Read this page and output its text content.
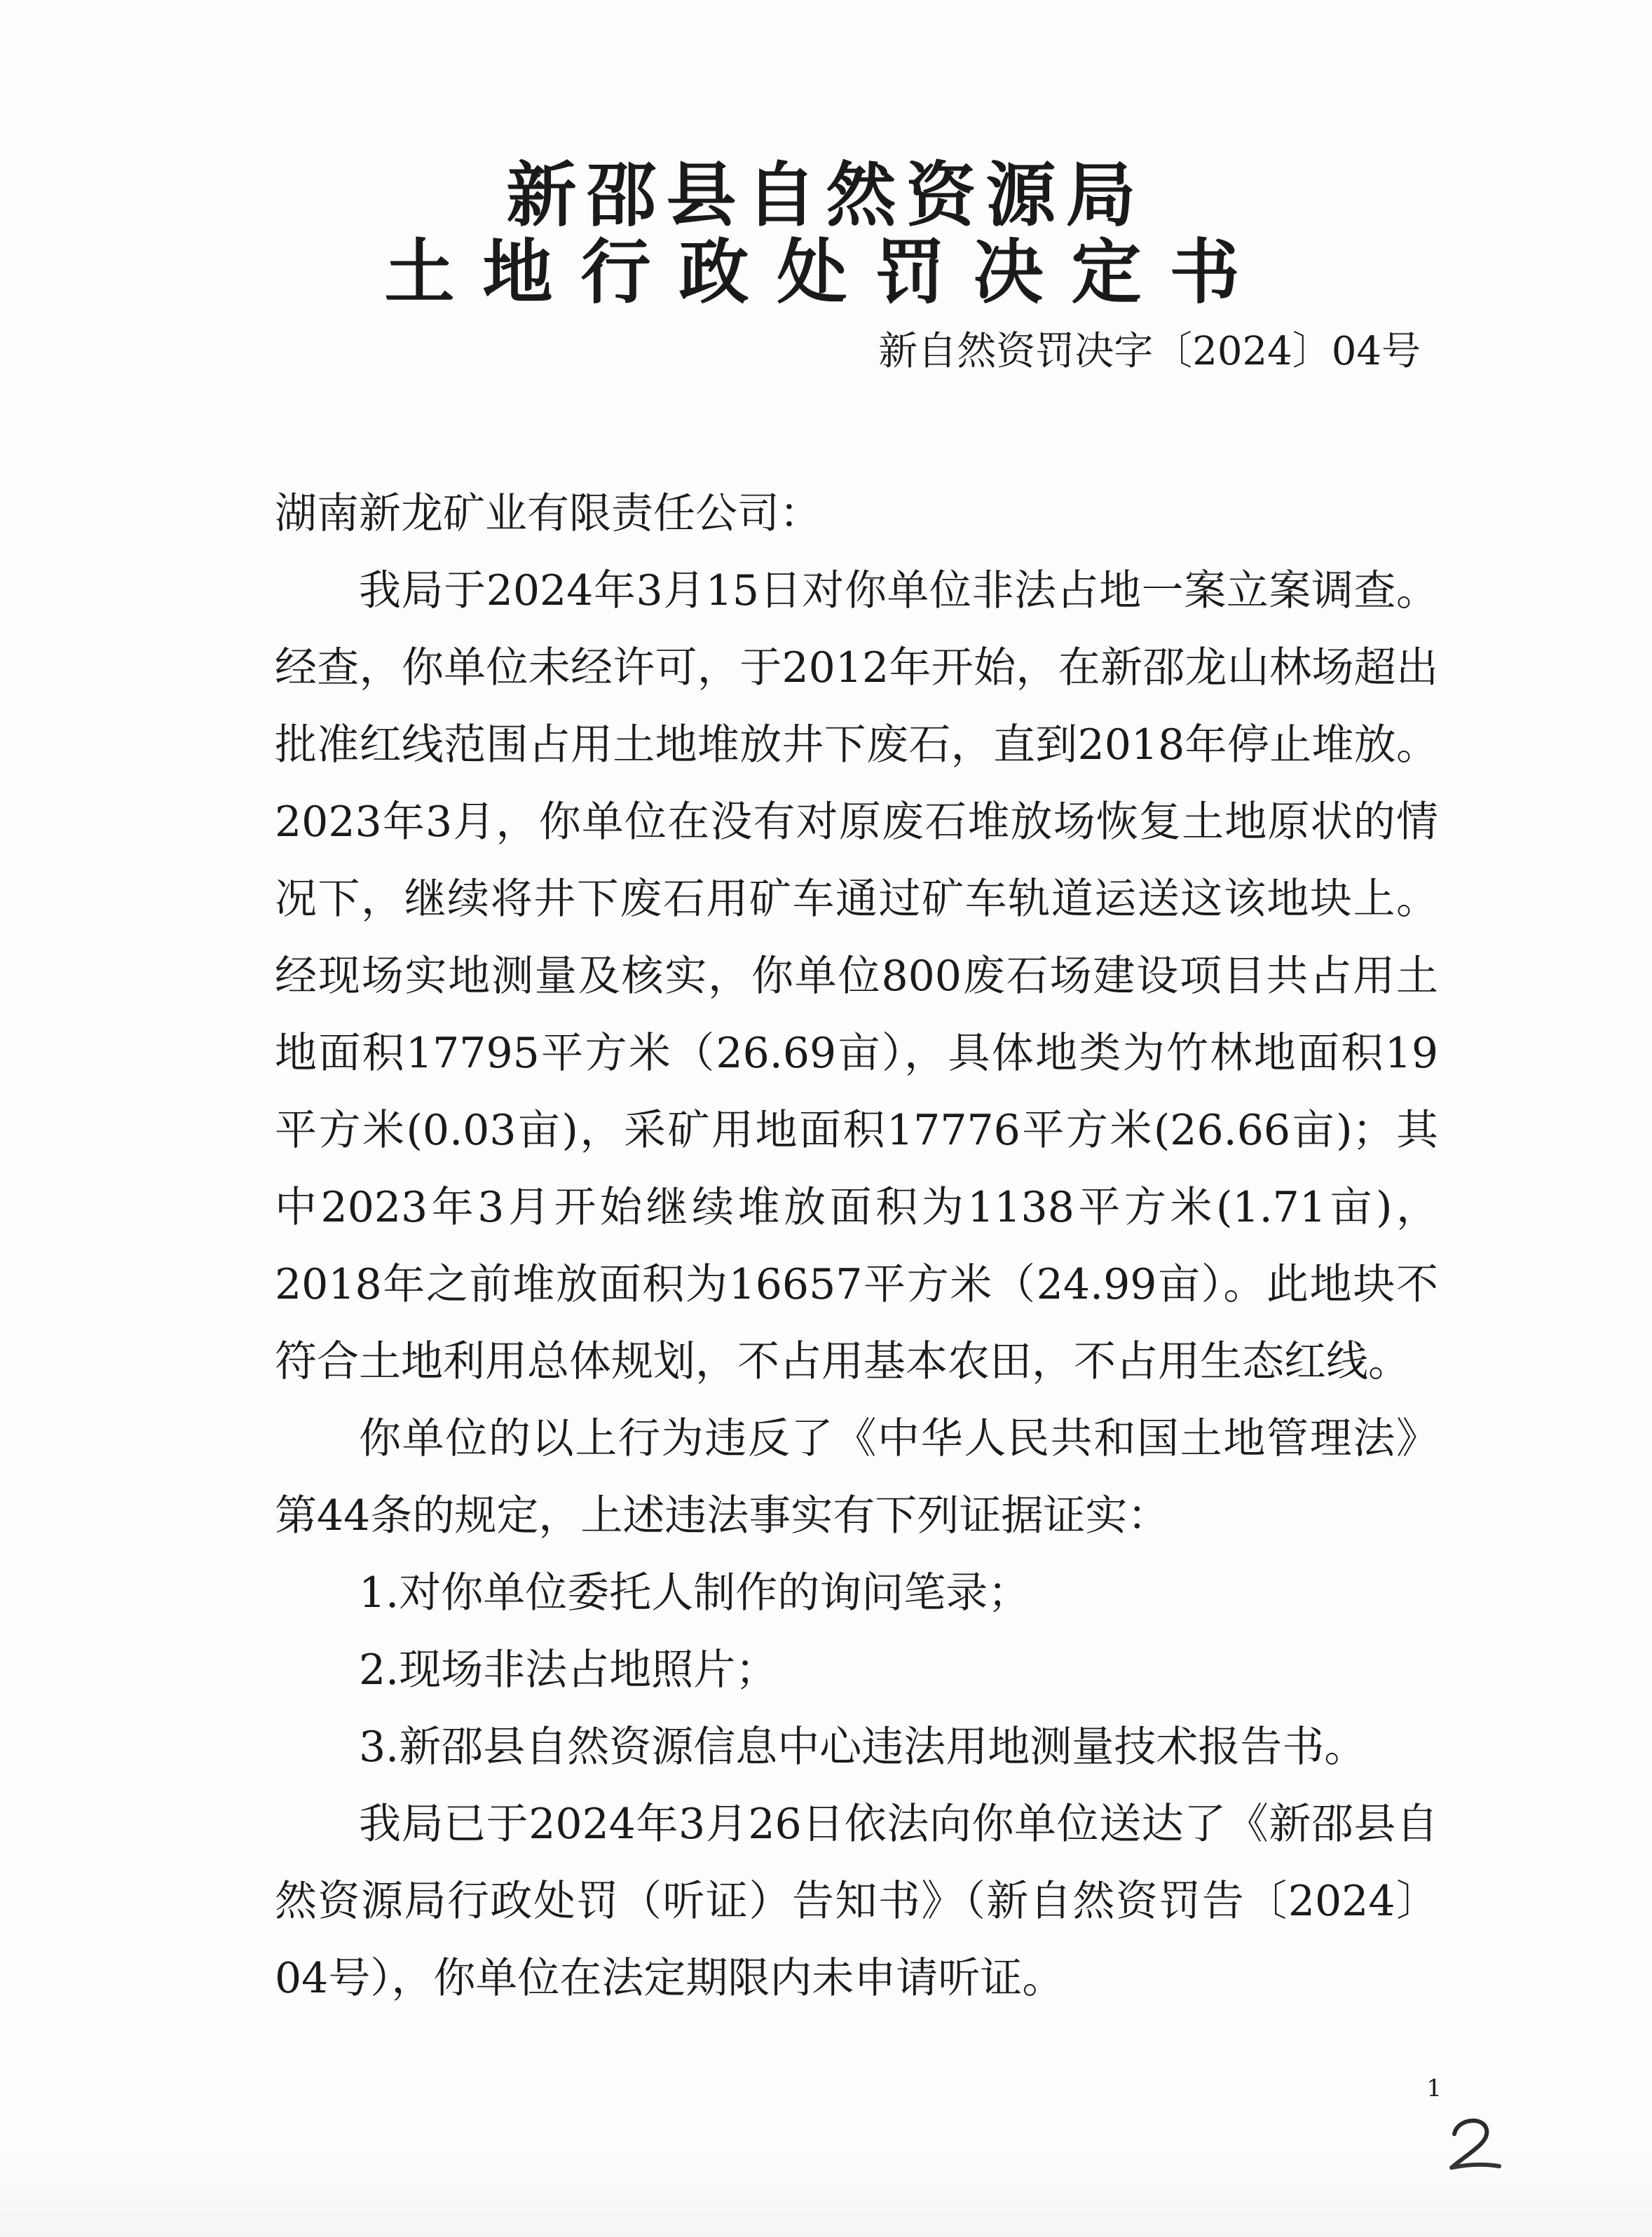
新邵县自然资源局
土地行政处罚决定书

新自然资罚决字〔2024〕04号

湖南新龙矿业有限责任公司：

我局于2024年3月15日对你单位非法占地一案立案调查。经查，你单位未经许可，于2012年开始，在新邵龙山林场超出批准红线范围占用土地堆放井下废石，直到2018年停止堆放。2023年3月，你单位在没有对原废石堆放场恢复土地原状的情况下，继续将井下废石用矿车通过矿车轨道运送这该地块上。经现场实地测量及核实，你单位800废石场建设项目共占用土地面积17795平方米（26.69亩），具体地类为竹林地面积19平方米(0.03亩)，采矿用地面积17776平方米(26.66亩)；其中2023年3月开始继续堆放面积为1138平方米(1.71亩)，2018年之前堆放面积为16657平方米（24.99亩）。此地块不符合土地利用总体规划，不占用基本农田，不占用生态红线。

你单位的以上行为违反了《中华人民共和国土地管理法》第44条的规定，上述违法事实有下列证据证实：

1.对你单位委托人制作的询问笔录；

2.现场非法占地照片；

3.新邵县自然资源信息中心违法用地测量技术报告书。

我局已于2024年3月26日依法向你单位送达了《新邵县自然资源局行政处罚（听证）告知书》（新自然资罚告〔2024〕04号），你单位在法定期限内未申请听证。

1
